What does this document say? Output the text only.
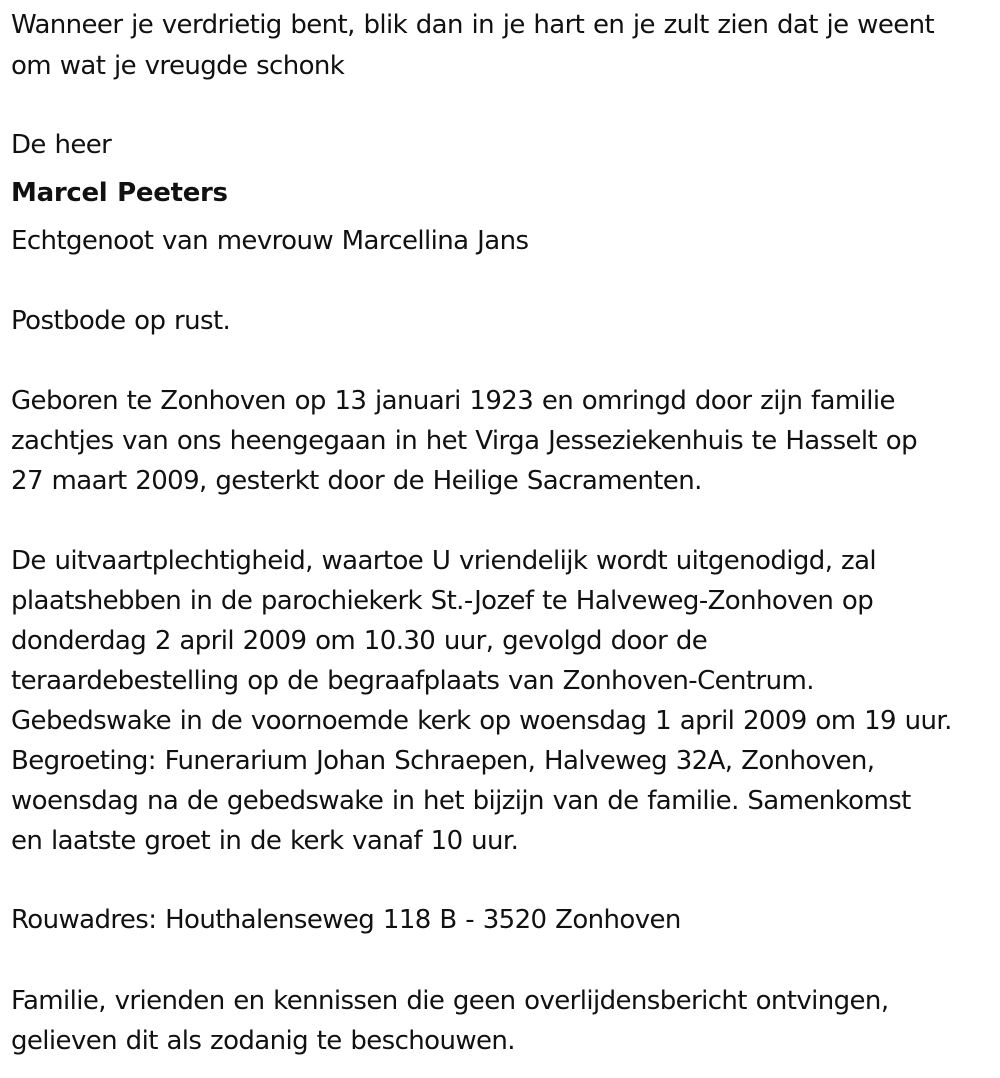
Wanneer je verdrietig bent, blik dan in je hart en je zult zien dat je weent
om wat je vreugde schonk
De heer
Marcel Peeters
Echtgenoot van mevrouw Marcellina Jans
Postbode op rust.
Geboren te Zonhoven op 13 januari 1923 en omringd door zijn familie
zachtjes van ons heengegaan in het Virga Jesseziekenhuis te Hasselt op
27 maart 2009, gesterkt door de Heilige Sacramenten.
De uitvaartplechtigheid, waartoe U vriendelijk wordt uitgenodigd, zal
plaatshebben in de parochiekerk St.-Jozef te Halveweg-Zonhoven op
donderdag 2 april 2009 om 10.30 uur, gevolgd door de
teraardebestelling op de begraafplaats van Zonhoven-Centrum.
Gebedswake in de voornoemde kerk op woensdag 1 april 2009 om 19 uur.
Begroeting: Funerarium Johan Schraepen, Halveweg 32A, Zonhoven,
woensdag na de gebedswake in het bijzijn van de familie. Samenkomst
en laatste groet in de kerk vanaf 10 uur.
Rouwadres: Houthalenseweg 118 B - 3520 Zonhoven
Familie, vrienden en kennissen die geen overlijdensbericht ontvingen,
gelieven dit als zodanig te beschouwen.
